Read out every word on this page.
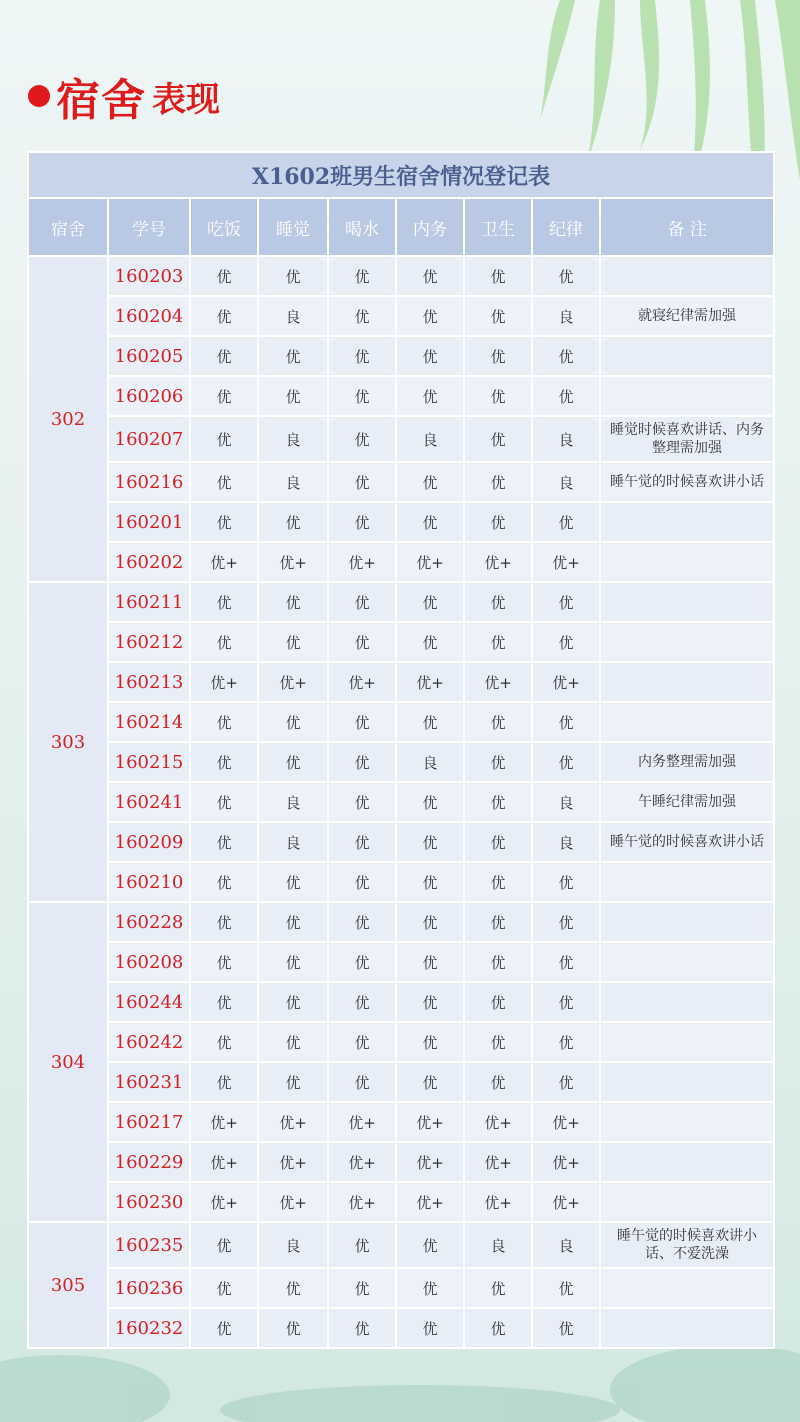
宿舍 表现
X1602班男生宿舍情况登记表								
宿舍	学号	吃饭	睡觉	喝水	内务	卫生	纪律	备 注
302	160203	优	优	优	优	优	优	
	160204	优	良	优	优	优	良	就寝纪律需加强
	160205	优	优	优	优	优	优	
	160206	优	优	优	优	优	优	
	160207	优	良	优	良	优	良	睡觉时候喜欢讲话、内务整理需加强
	160216	优	良	优	优	优	良	睡午觉的时候喜欢讲小话
	160201	优	优	优	优	优	优	
	160202	优+	优+	优+	优+	优+	优+	
303	160211	优	优	优	优	优	优	
	160212	优	优	优	优	优	优	
	160213	优+	优+	优+	优+	优+	优+	
	160214	优	优	优	优	优	优	
	160215	优	优	优	良	优	优	内务整理需加强
	160241	优	良	优	优	优	良	午睡纪律需加强
	160209	优	良	优	优	优	良	睡午觉的时候喜欢讲小话
	160210	优	优	优	优	优	优	
304	160228	优	优	优	优	优	优	
	160208	优	优	优	优	优	优	
	160244	优	优	优	优	优	优	
	160242	优	优	优	优	优	优	
	160231	优	优	优	优	优	优	
	160217	优+	优+	优+	优+	优+	优+	
	160229	优+	优+	优+	优+	优+	优+	
	160230	优+	优+	优+	优+	优+	优+	
305	160235	优	良	优	优	良	良	睡午觉的时候喜欢讲小话、不爱洗澡
	160236	优	优	优	优	优	优	
	160232	优	优	优	优	优	优	
